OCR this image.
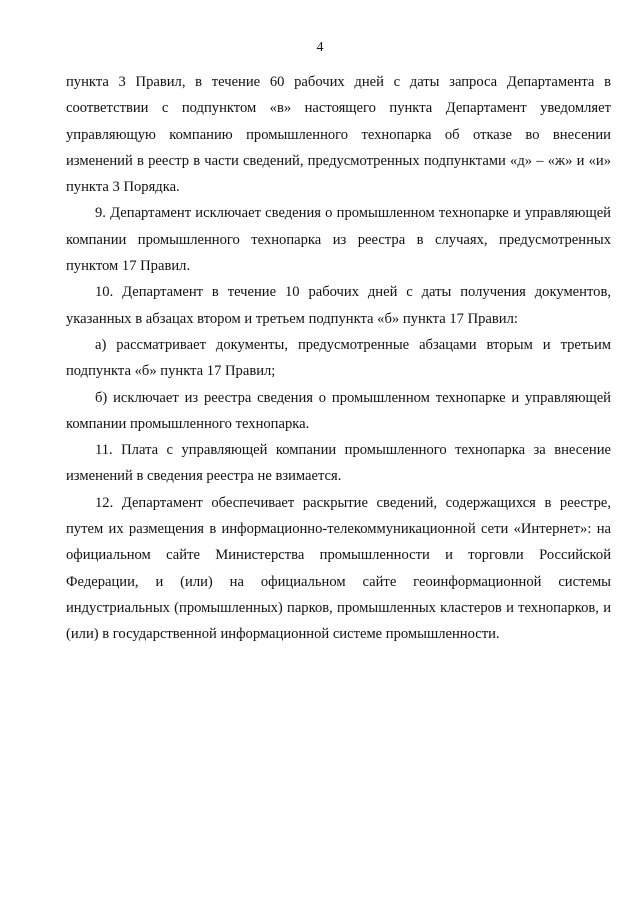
4

пункта 3 Правил, в течение 60 рабочих дней с даты запроса Департамента в соответствии с подпунктом «в» настоящего пункта Департамент уведомляет управляющую компанию промышленного технопарка об отказе во внесении изменений в реестр в части сведений, предусмотренных подпунктами «д» – «ж» и «и» пункта 3 Порядка.

9. Департамент исключает сведения о промышленном технопарке и управляющей компании промышленного технопарка из реестра в случаях, предусмотренных пунктом 17 Правил.

10. Департамент в течение 10 рабочих дней с даты получения документов, указанных в абзацах втором и третьем подпункта «б» пункта 17 Правил:

а) рассматривает документы, предусмотренные абзацами вторым и третьим подпункта «б» пункта 17 Правил;

б) исключает из реестра сведения о промышленном технопарке и управляющей компании промышленного технопарка.

11. Плата с управляющей компании промышленного технопарка за внесение изменений в сведения реестра не взимается.

12. Департамент обеспечивает раскрытие сведений, содержащихся в реестре, путем их размещения в информационно-телекоммуникационной сети «Интернет»: на официальном сайте Министерства промышленности и торговли Российской Федерации, и (или) на официальном сайте геоинформационной системы индустриальных (промышленных) парков, промышленных кластеров и технопарков, и (или) в государственной информационной системе промышленности.
